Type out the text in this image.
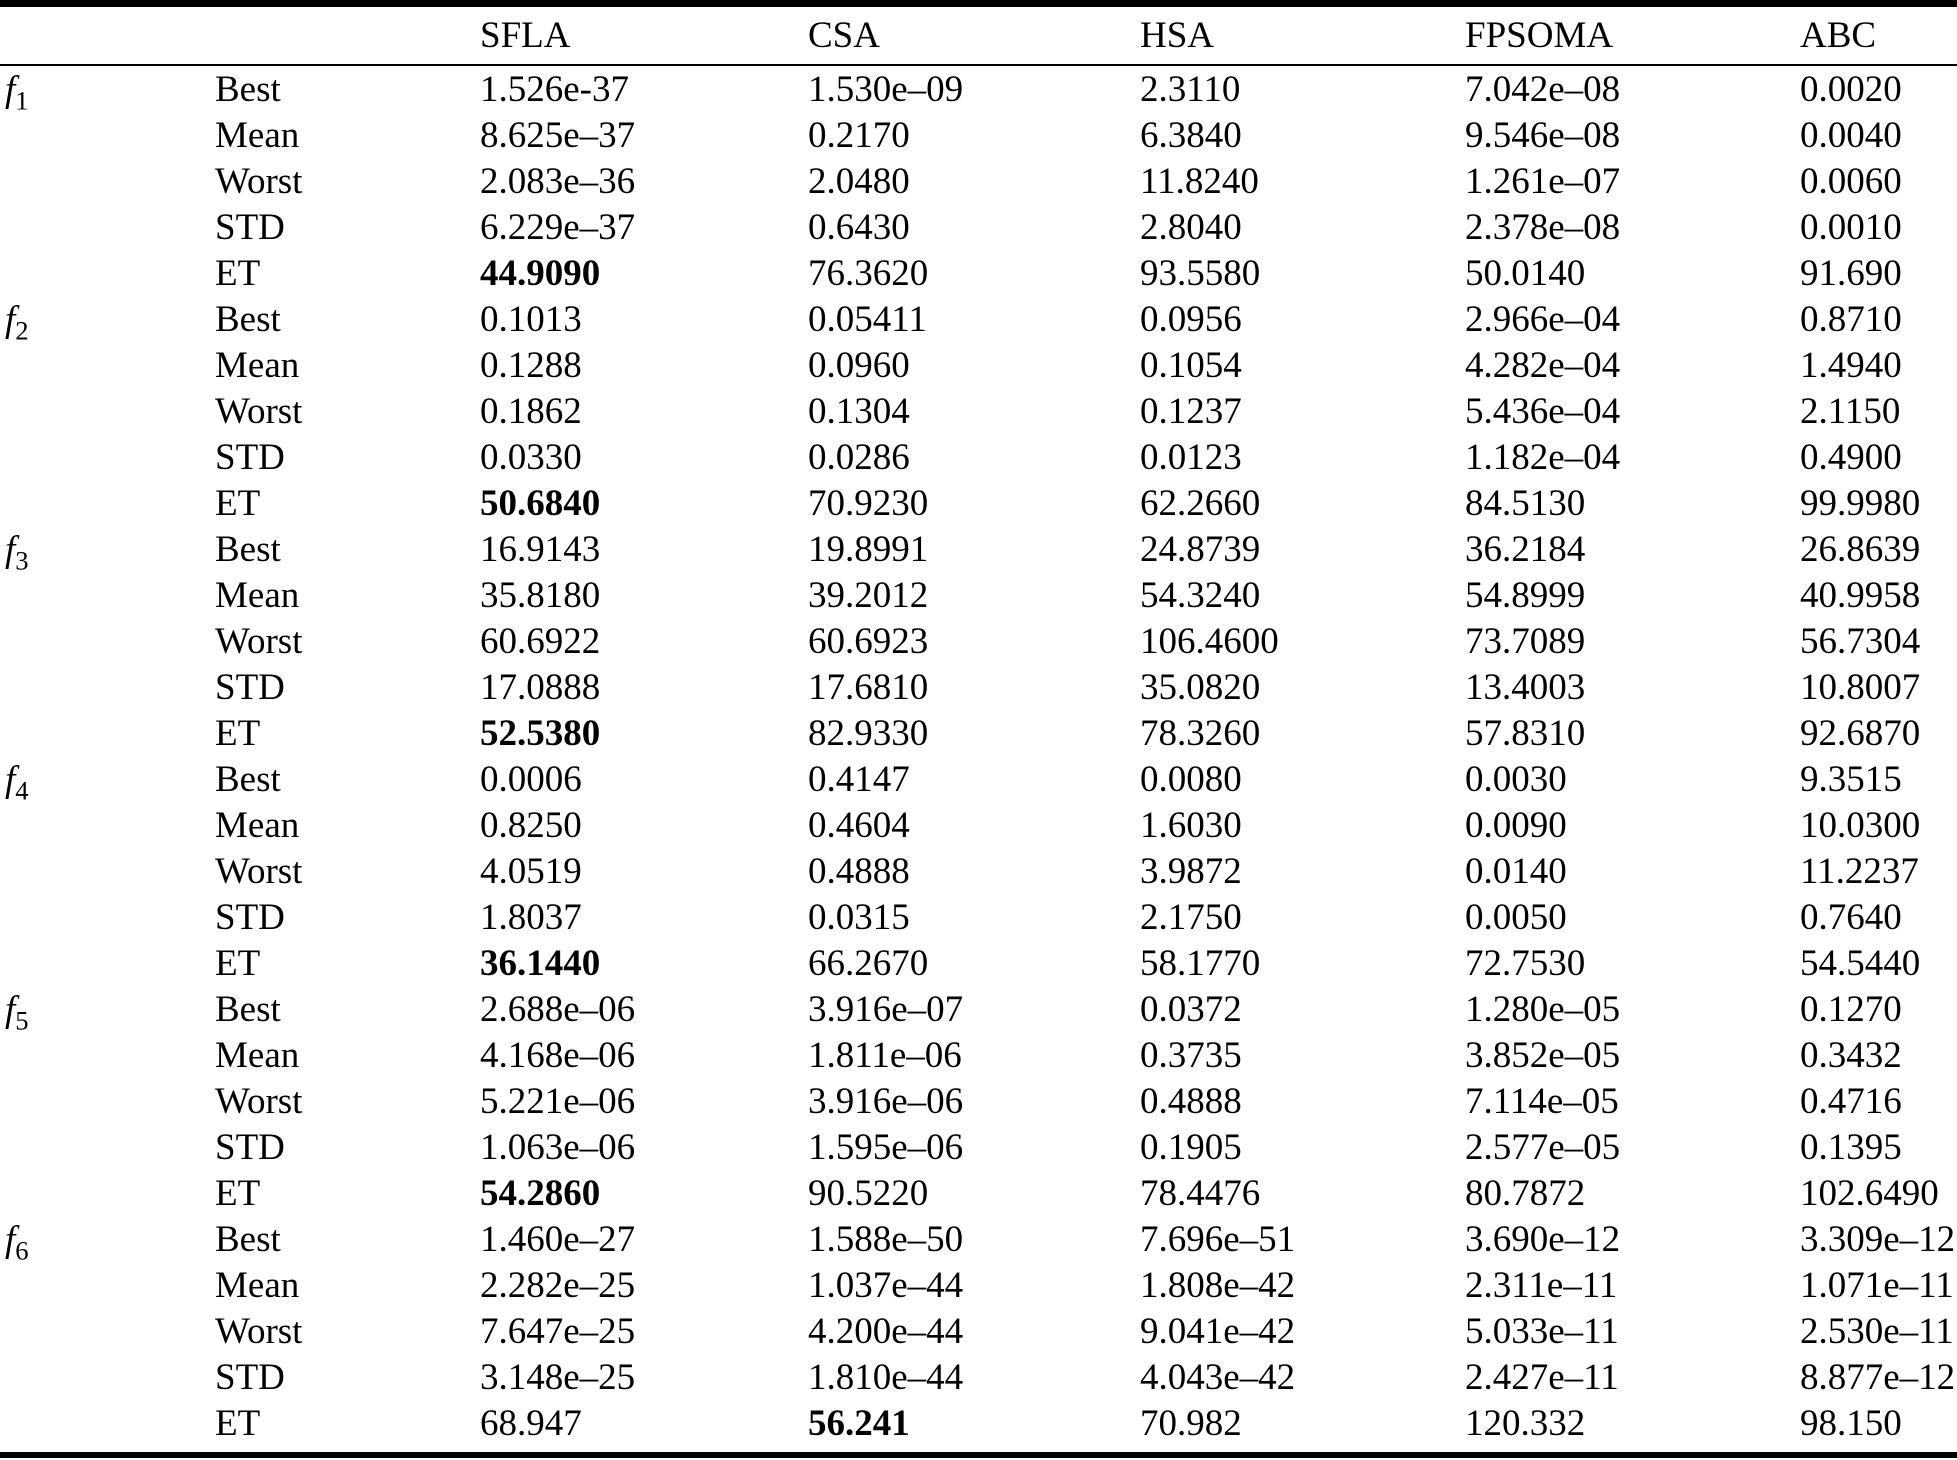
		SFLA	CSA	HSA	FPSOMA	ABC
$f_1$	Best	1.526e-37	1.530e–09	2.3110	7.042e–08	0.0020
	Mean	8.625e–37	0.2170	6.3840	9.546e–08	0.0040
	Worst	2.083e–36	2.0480	11.8240	1.261e–07	0.0060
	STD	6.229e–37	0.6430	2.8040	2.378e–08	0.0010
	ET	44.9090	76.3620	93.5580	50.0140	91.690
$f_2$	Best	0.1013	0.05411	0.0956	2.966e–04	0.8710
	Mean	0.1288	0.0960	0.1054	4.282e–04	1.4940
	Worst	0.1862	0.1304	0.1237	5.436e–04	2.1150
	STD	0.0330	0.0286	0.0123	1.182e–04	0.4900
	ET	50.6840	70.9230	62.2660	84.5130	99.9980
$f_3$	Best	16.9143	19.8991	24.8739	36.2184	26.8639
	Mean	35.8180	39.2012	54.3240	54.8999	40.9958
	Worst	60.6922	60.6923	106.4600	73.7089	56.7304
	STD	17.0888	17.6810	35.0820	13.4003	10.8007
	ET	52.5380	82.9330	78.3260	57.8310	92.6870
$f_4$	Best	0.0006	0.4147	0.0080	0.0030	9.3515
	Mean	0.8250	0.4604	1.6030	0.0090	10.0300
	Worst	4.0519	0.4888	3.9872	0.0140	11.2237
	STD	1.8037	0.0315	2.1750	0.0050	0.7640
	ET	36.1440	66.2670	58.1770	72.7530	54.5440
$f_5$	Best	2.688e–06	3.916e–07	0.0372	1.280e–05	0.1270
	Mean	4.168e–06	1.811e–06	0.3735	3.852e–05	0.3432
	Worst	5.221e–06	3.916e–06	0.4888	7.114e–05	0.4716
	STD	1.063e–06	1.595e–06	0.1905	2.577e–05	0.1395
	ET	54.2860	90.5220	78.4476	80.7872	102.6490
$f_6$	Best	1.460e–27	1.588e–50	7.696e–51	3.690e–12	3.309e–12
	Mean	2.282e–25	1.037e–44	1.808e–42	2.311e–11	1.071e–11
	Worst	7.647e–25	4.200e–44	9.041e–42	5.033e–11	2.530e–11
	STD	3.148e–25	1.810e–44	4.043e–42	2.427e–11	8.877e–12
	ET	68.947	56.241	70.982	120.332	98.150
